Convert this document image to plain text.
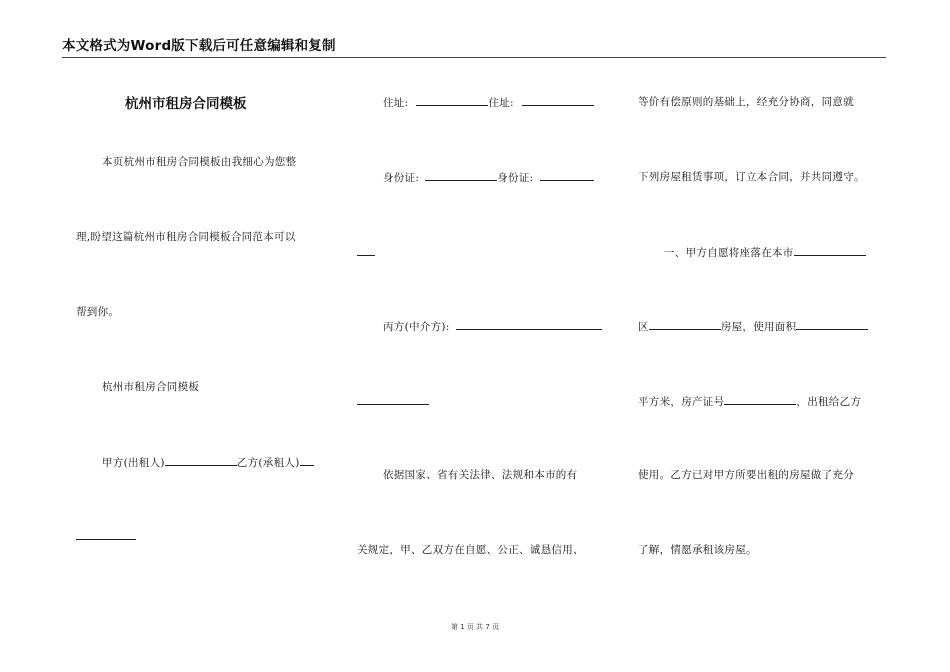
本文格式为Word版下载后可任意编辑和复制
杭州市租房合同模板
本页杭州市租房合同模板由我细心为您整
理,盼望这篇杭州市租房合同模板合同范本可以
帮到你。
杭州市租房合同模板
甲方(出租人)	乙方(承租人)
住址:	住址:
身份证:	身份证:
丙方(中介方):
依据国家、省有关法律、法规和本市的有
关规定，甲、乙双方在自愿、公正、诚恳信用、
等价有偿原则的基础上，经充分协商，同意就
下列房屋租赁事项，订立本合同，并共同遵守。
一、甲方自愿将座落在本市
区	房屋，使用面积
平方米，房产证号	，出租给乙方
使用。乙方已对甲方所要出租的房屋做了充分
了解，情愿承租该房屋。
第 1 页 共 7 页
